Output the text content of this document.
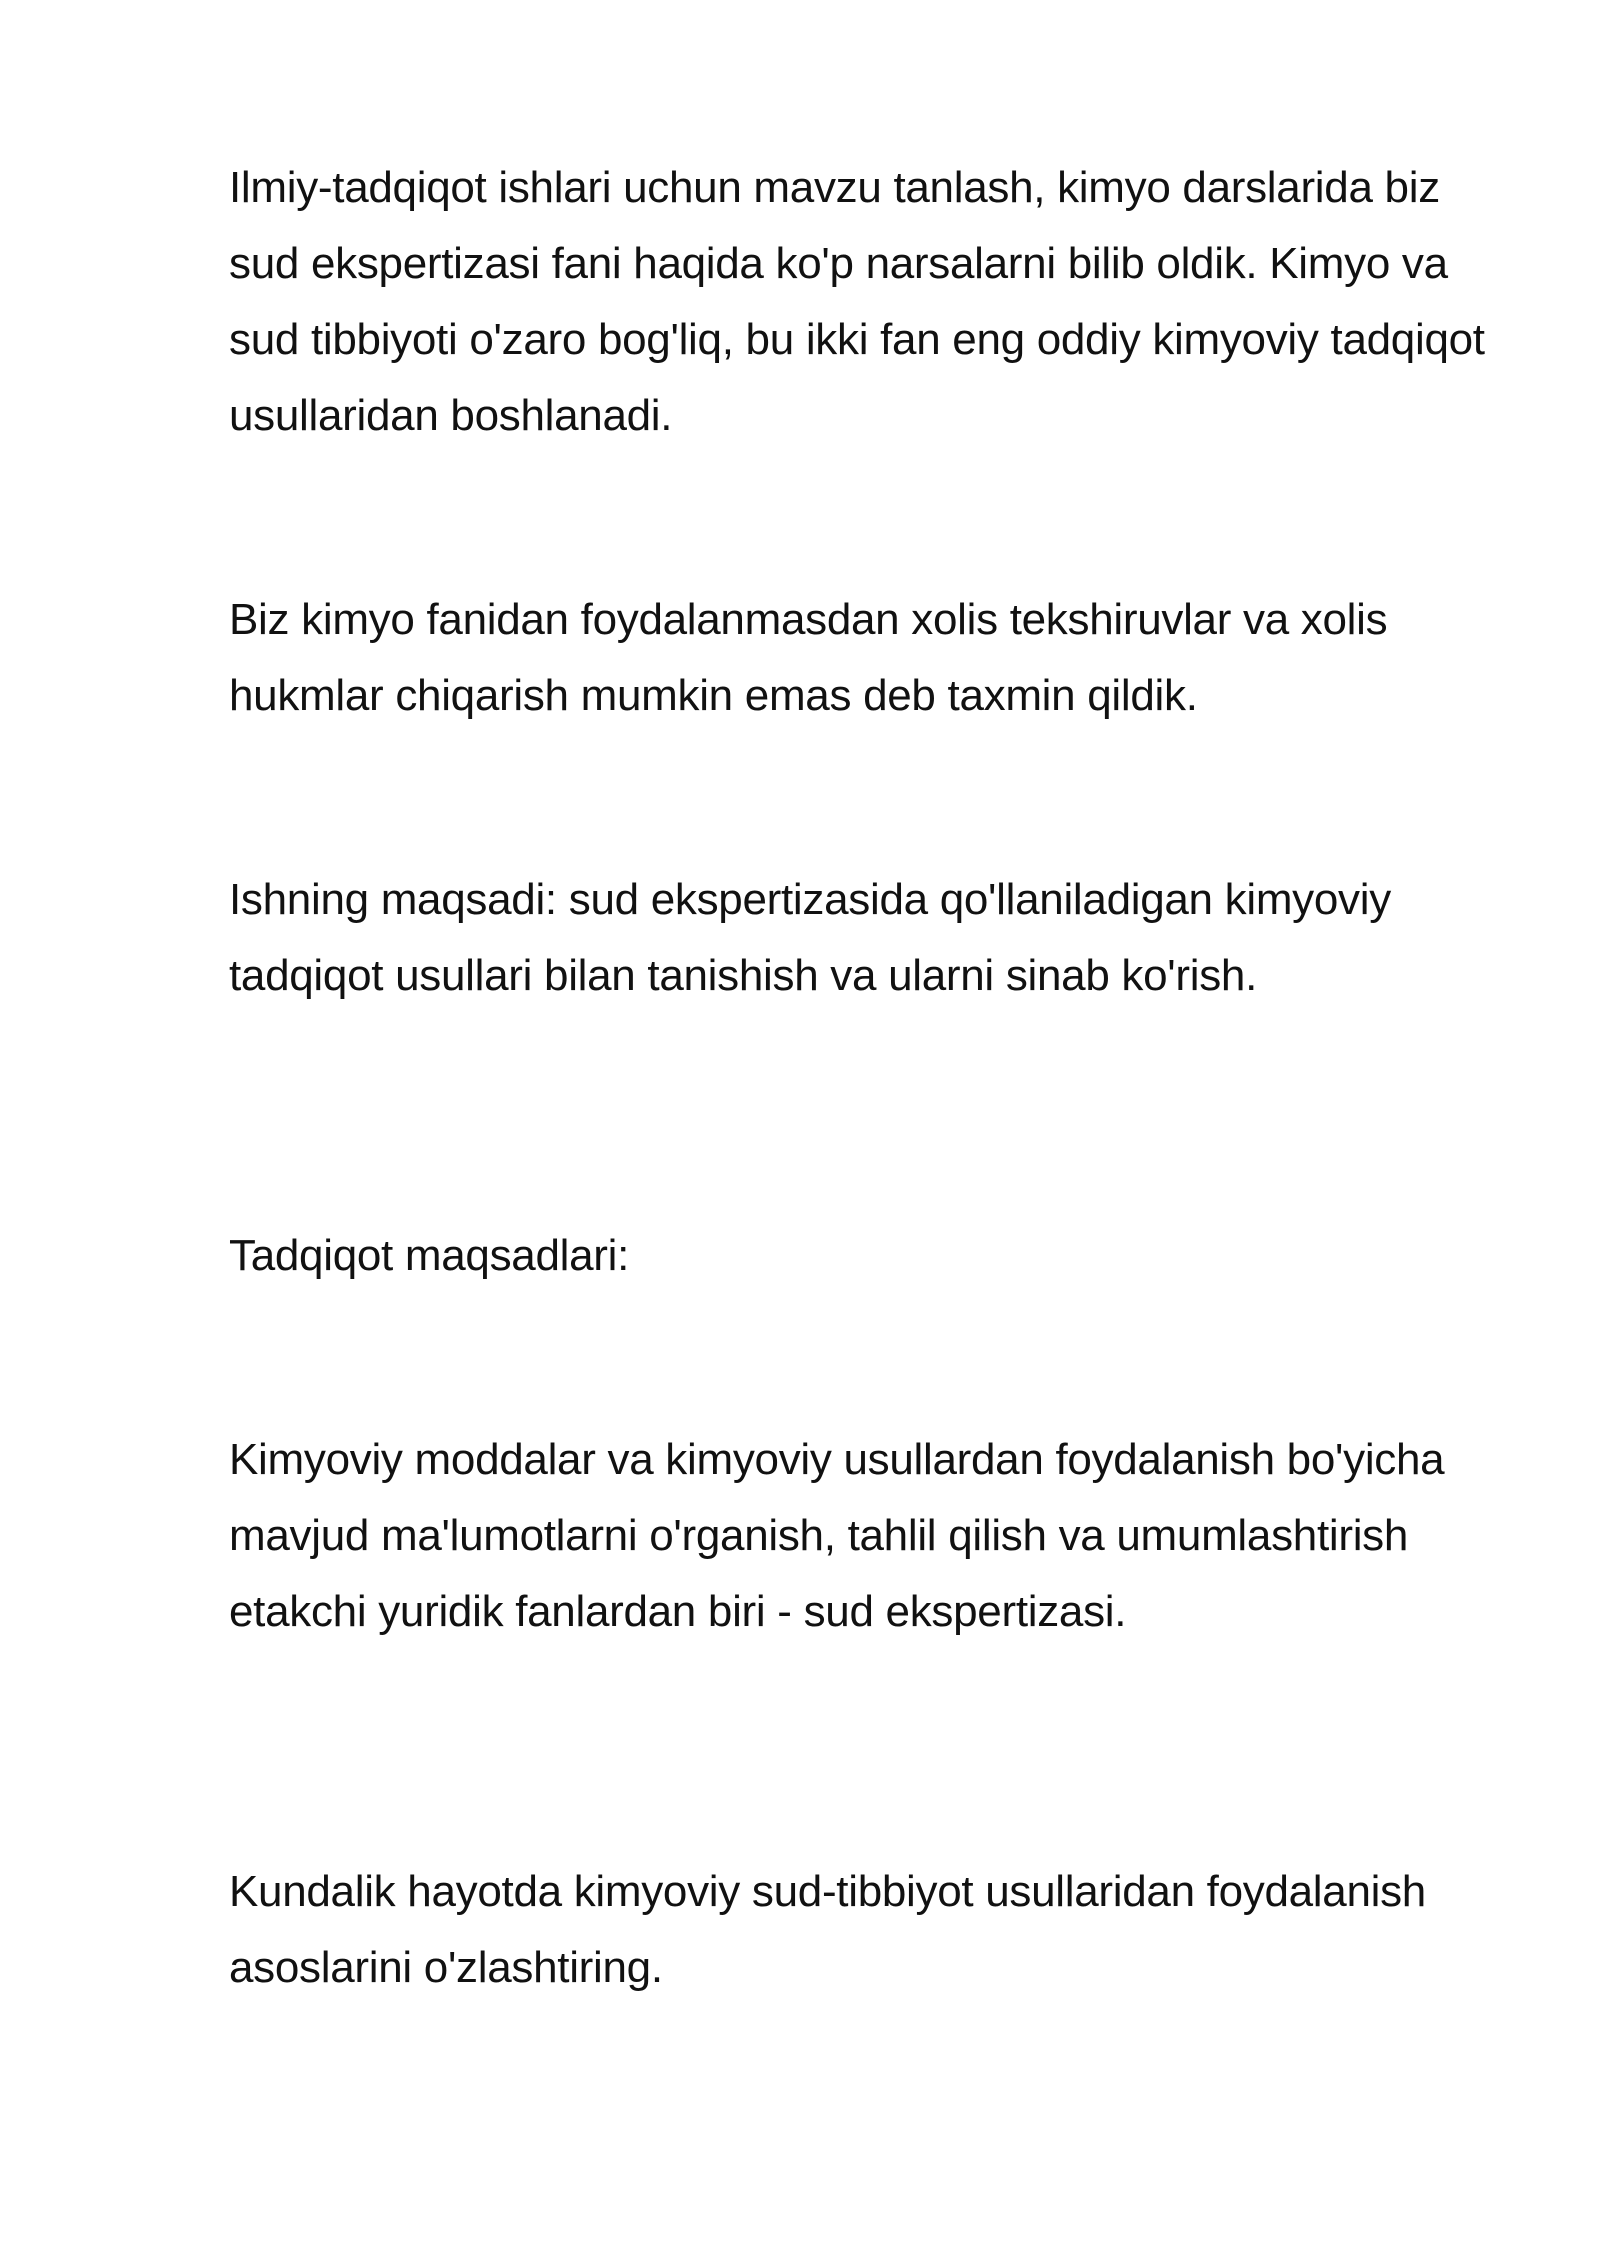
Ilmiy-tadqiqot ishlari uchun mavzu tanlash, kimyo darslarida biz sud ekspertizasi fani haqida ko'p narsalarni bilib oldik. Kimyo va sud tibbiyoti o'zaro bog'liq, bu ikki fan eng oddiy kimyoviy tadqiqot usullaridan boshlanadi.

Biz kimyo fanidan foydalanmasdan xolis tekshiruvlar va xolis hukmlar chiqarish mumkin emas deb taxmin qildik.

Ishning maqsadi: sud ekspertizasida qo'llaniladigan kimyoviy tadqiqot usullari bilan tanishish va ularni sinab ko'rish.

Tadqiqot maqsadlari:

Kimyoviy moddalar va kimyoviy usullardan foydalanish bo'yicha mavjud ma'lumotlarni o'rganish, tahlil qilish va umumlashtirish etakchi yuridik fanlardan biri - sud ekspertizasi.

Kundalik hayotda kimyoviy sud-tibbiyot usullaridan foydalanish asoslarini o'zlashtiring.
